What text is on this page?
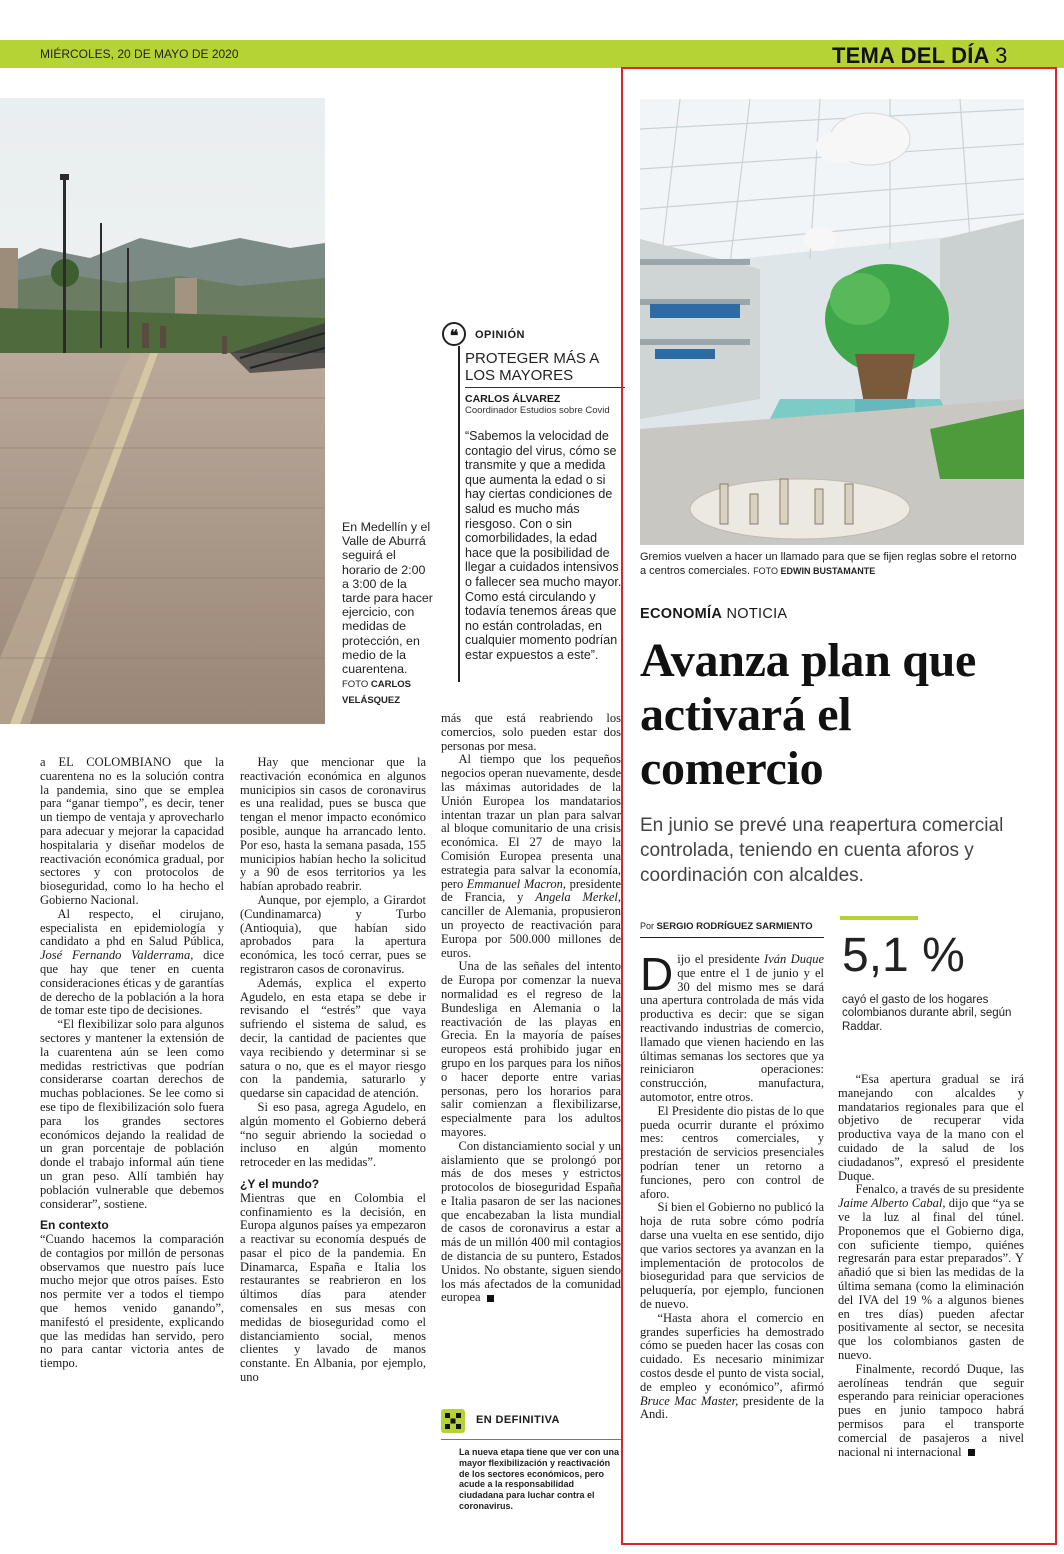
MIÉRCOLES, 20 DE MAYO DE 2020	TEMA DEL DÍA 3
En Medellín y el Valle de Aburrá seguirá el horario de 2:00 a 3:00 de la tarde para hacer ejercicio, con medidas de protección, en medio de la cuarentena.
FOTO CARLOS VELÁSQUEZ
❝	OPINIÓN
PROTEGER MÁS A LOS MAYORES
CARLOS ÁLVAREZ
Coordinador Estudios sobre Covid
“Sabemos la velocidad de contagio del virus, cómo se transmite y que a medida que aumenta la edad o si hay ciertas condiciones de salud es mucho más riesgoso. Con o sin comorbilidades, la edad hace que la posibilidad de llegar a cuidados intensivos o fallecer sea mucho mayor. Como está circulando y todavía tenemos áreas que no están controladas, en cualquier momento podrían estar expuestos a este”.

a EL COLOMBIANO que la cuarentena no es la solución contra la pandemia, sino que se emplea para “ganar tiempo”, es decir, tener un tiempo de ventaja y aprovecharlo para adecuar y mejorar la capacidad hospitalaria y diseñar modelos de reactivación económica gradual, por sectores y con protocolos de bioseguridad, como lo ha hecho el Gobierno Nacional.

Al respecto, el cirujano, especialista en epidemiología y candidato a phd en Salud Pública, José Fernando Valderrama, dice que hay que tener en cuenta consideraciones éticas y de garantías de derecho de la población a la hora de tomar este tipo de decisiones.

“El flexibilizar solo para algunos sectores y mantener la extensión de la cuarentena aún se leen como medidas restrictivas que podrían considerarse coartan derechos de muchas poblaciones. Se lee como si ese tipo de flexibilización solo fuera para los grandes sectores económicos dejando la realidad de un gran porcentaje de población donde el trabajo informal aún tiene un gran peso. Allí también hay población vulnerable que debemos considerar”, sostiene.

En contexto

“Cuando hacemos la comparación de contagios por millón de personas observamos que nuestro país luce mucho mejor que otros países. Esto nos permite ver a todos el tiempo que hemos venido ganando”, manifestó el presidente, explicando que las medidas han servido, pero no para cantar victoria antes de tiempo.

Hay que mencionar que la reactivación económica en algunos municipios sin casos de coronavirus es una realidad, pues se busca que tengan el menor impacto económico posible, aunque ha arrancado lento. Por eso, hasta la semana pasada, 155 municipios habían hecho la solicitud y a 90 de esos territorios ya les habían aprobado reabrir.

Aunque, por ejemplo, a Girardot (Cundinamarca) y Turbo (Antioquia), que habían sido aprobados para la apertura económica, les tocó cerrar, pues se registraron casos de coronavirus.

Además, explica el experto Agudelo, en esta etapa se debe ir revisando el “estrés” que vaya sufriendo el sistema de salud, es decir, la cantidad de pacientes que vaya recibiendo y determinar si se satura o no, que es el mayor riesgo con la pandemia, saturarlo y quedarse sin capacidad de atención.

Si eso pasa, agrega Agudelo, en algún momento el Gobierno deberá “no seguir abriendo la sociedad o incluso en algún momento retroceder en las medidas”.

¿Y el mundo?

Mientras que en Colombia el confinamiento es la decisión, en Europa algunos países ya empezaron a reactivar su economía después de pasar el pico de la pandemia. En Dinamarca, España e Italia los restaurantes se reabrieron en los últimos días para atender comensales en sus mesas con medidas de bioseguridad como el distanciamiento social, menos clientes y lavado de manos constante. En Albania, por ejemplo, uno

más que está reabriendo los comercios, solo pueden estar dos personas por mesa.

Al tiempo que los pequeños negocios operan nuevamente, desde las máximas autoridades de la Unión Europea los mandatarios intentan trazar un plan para salvar al bloque comunitario de una crisis económica. El 27 de mayo la Comisión Europea presenta una estrategia para salvar la economía, pero Emmanuel Macron, presidente de Francia, y Angela Merkel, canciller de Alemania, propusieron un proyecto de reactivación para Europa por 500.000 millones de euros.

Una de las señales del intento de Europa por comenzar la nueva normalidad es el regreso de la Bundesliga en Alemania o la reactivación de las playas en Grecia. En la mayoría de países europeos está prohibido jugar en grupo en los parques para los niños o hacer deporte entre varias personas, pero los horarios para salir comienzan a flexibilizarse, especialmente para los adultos mayores.

Con distanciamiento social y un aislamiento que se prolongó por más de dos meses y estrictos protocolos de bioseguridad España e Italia pasaron de ser las naciones que encabezaban la lista mundial de casos de coronavirus a estar a más de un millón 400 mil contagios de distancia de su puntero, Estados Unidos. No obstante, siguen siendo los más afectados de la comunidad europea

EN DEFINITIVA
La nueva etapa tiene que ver con una mayor flexibilización y reactivación de los sectores económicos, pero acude a la responsabilidad ciudadana para luchar contra el coronavirus.
Gremios vuelven a hacer un llamado para que se fijen reglas sobre el retorno a centros comerciales. FOTO EDWIN BUSTAMANTE
ECONOMÍA NOTICIA
Avanza plan que activará el comercio
En junio se prevé una reapertura comercial controlada, teniendo en cuenta aforos y coordinación con alcaldes.
Por SERGIO RODRÍGUEZ SARMIENTO

Dijo el presidente Iván Duque que entre el 1 de junio y el 30 del mismo mes se dará una apertura controlada de más vida productiva es decir: que se sigan reactivando industrias de comercio, llamado que vienen haciendo en las últimas semanas los sectores que ya reiniciaron operaciones: construcción, manufactura, automotor, entre otros.

El Presidente dio pistas de lo que pueda ocurrir durante el próximo mes: centros comerciales, y prestación de servicios presenciales podrían tener un retorno a funciones, pero con control de aforo.

Si bien el Gobierno no publicó la hoja de ruta sobre cómo podría darse una vuelta en ese sentido, dijo que varios sectores ya avanzan en la implementación de protocolos de bioseguridad para que servicios de peluquería, por ejemplo, funcionen de nuevo.

“Hasta ahora el comercio en grandes superficies ha demostrado cómo se pueden hacer las cosas con cuidado. Es necesario minimizar costos desde el punto de vista social, de empleo y económico”, afirmó Bruce Mac Master, presidente de la Andi.

5,1 %
cayó el gasto de los hogares colombianos durante abril, según Raddar.

“Esa apertura gradual se irá manejando con alcaldes y mandatarios regionales para que el objetivo de recuperar vida productiva vaya de la mano con el cuidado de la salud de los ciudadanos”, expresó el presidente Duque.

Fenalco, a través de su presidente Jaime Alberto Cabal, dijo que “ya se ve la luz al final del túnel. Proponemos que el Gobierno diga, con suficiente tiempo, quiénes regresarán para estar preparados”. Y añadió que si bien las medidas de la última semana (como la eliminación del IVA del 19 % a algunos bienes en tres días) pueden afectar positivamente al sector, se necesita que los colombianos gasten de nuevo.

Finalmente, recordó Duque, las aerolíneas tendrán que seguir esperando para reiniciar operaciones pues en junio tampoco habrá permisos para el transporte comercial de pasajeros a nivel nacional ni internacional
